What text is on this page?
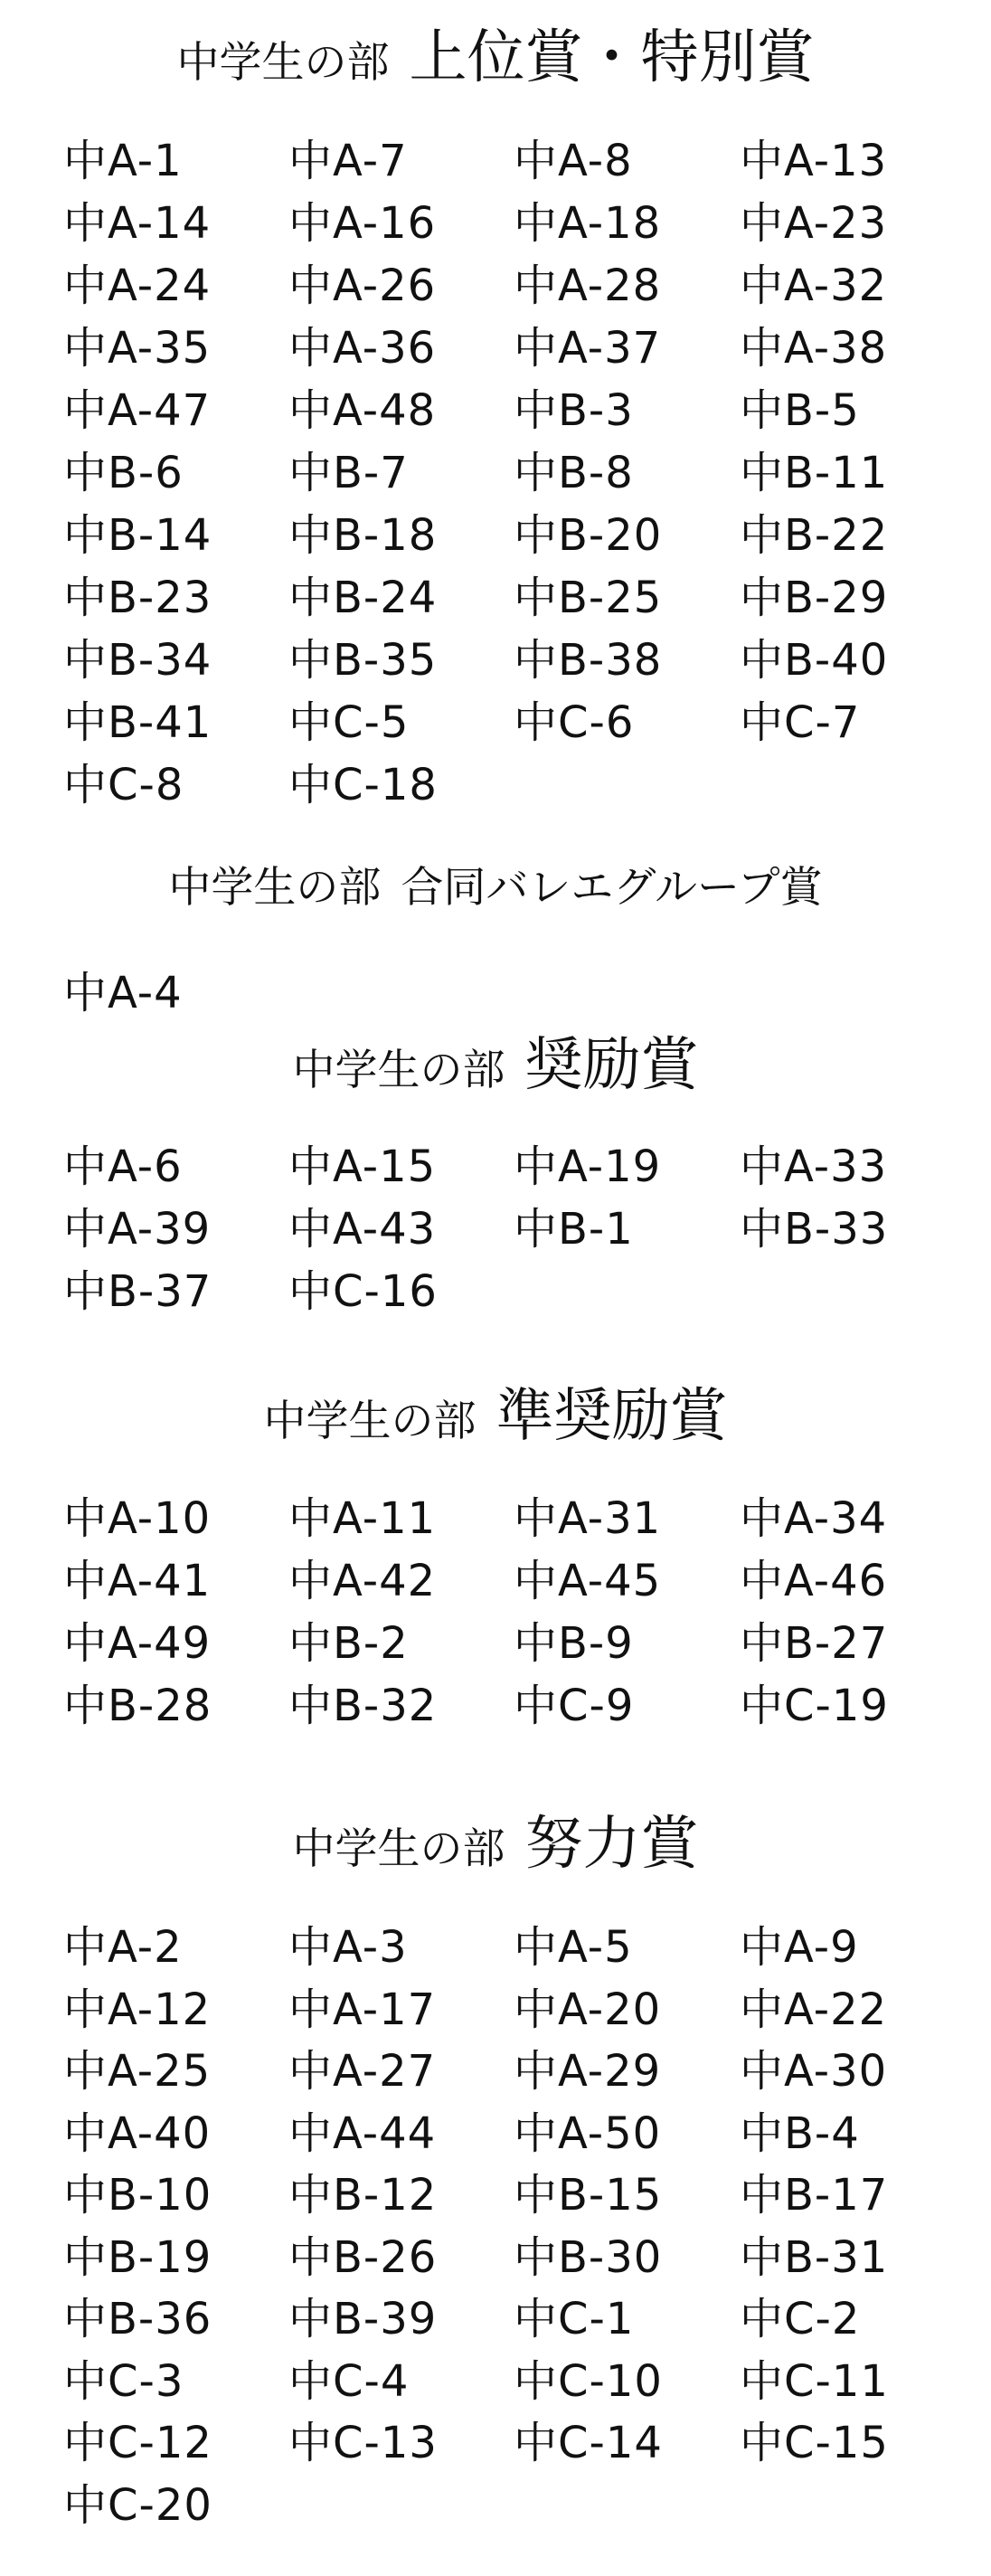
中学生の部 上位賞・特別賞
中A-1 中A-7 中A-8 中A-13
中A-14 中A-16 中A-18 中A-23
中A-24 中A-26 中A-28 中A-32
中A-35 中A-36 中A-37 中A-38
中A-47 中A-48 中B-3 中B-5
中B-6 中B-7 中B-8 中B-11
中B-14 中B-18 中B-20 中B-22
中B-23 中B-24 中B-25 中B-29
中B-34 中B-35 中B-38 中B-40
中B-41 中C-5 中C-6 中C-7
中C-8 中C-18
中学生の部 合同バレエグループ賞
中A-4
中学生の部 奨励賞
中A-6 中A-15 中A-19 中A-33
中A-39 中A-43 中B-1 中B-33
中B-37 中C-16
中学生の部 準奨励賞
中A-10 中A-11 中A-31 中A-34
中A-41 中A-42 中A-45 中A-46
中A-49 中B-2 中B-9 中B-27
中B-28 中B-32 中C-9 中C-19
中学生の部 努力賞
中A-2 中A-3 中A-5 中A-9
中A-12 中A-17 中A-20 中A-22
中A-25 中A-27 中A-29 中A-30
中A-40 中A-44 中A-50 中B-4
中B-10 中B-12 中B-15 中B-17
中B-19 中B-26 中B-30 中B-31
中B-36 中B-39 中C-1 中C-2
中C-3 中C-4 中C-10 中C-11
中C-12 中C-13 中C-14 中C-15
中C-20
